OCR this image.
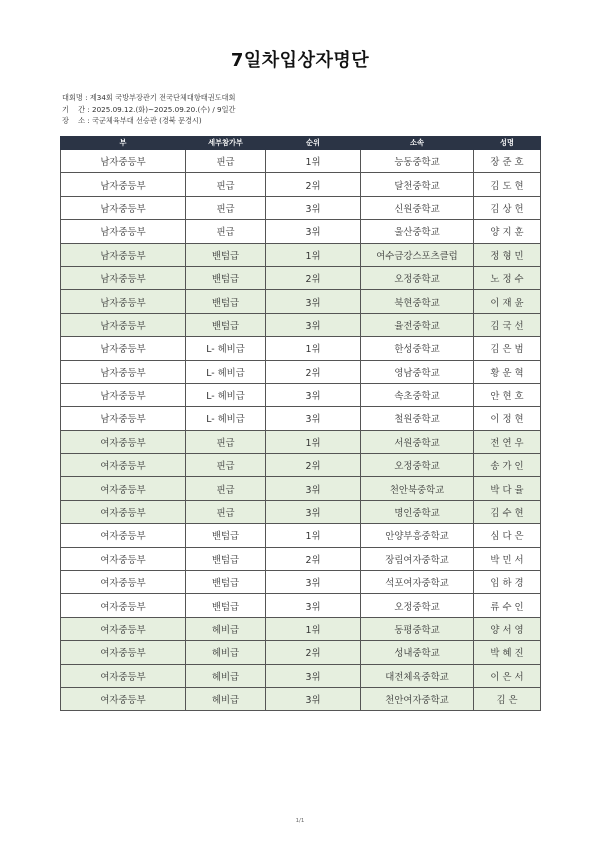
7일차입상자명단
대회명 : 제34회 국방부장관기 전국단체대항태권도대회
기    간 : 2025.09.12.(화)~2025.09.20.(수) / 9일간
장    소 : 국군체육부대 선승관 (경북 문경시)
부	세부참가부	순위	소속	성명
남자중등부	핀급	1위	능동중학교	장준호
남자중등부	핀급	2위	달천중학교	김도현
남자중등부	핀급	3위	신원중학교	김상헌
남자중등부	핀급	3위	울산중학교	양지훈
남자중등부	밴텀급	1위	여수금강스포츠클럽	정형민
남자중등부	밴텀급	2위	오정중학교	노정수
남자중등부	밴텀급	3위	북현중학교	이재윤
남자중등부	밴텀급	3위	율전중학교	김국선
남자중등부	L- 헤비급	1위	한성중학교	김은범
남자중등부	L- 헤비급	2위	영남중학교	황운혁
남자중등부	L- 헤비급	3위	속초중학교	안현호
남자중등부	L- 헤비급	3위	철원중학교	이정현
여자중등부	핀급	1위	서원중학교	전연우
여자중등부	핀급	2위	오정중학교	송가인
여자중등부	핀급	3위	천안북중학교	박다율
여자중등부	핀급	3위	명인중학교	김수현
여자중등부	밴텀급	1위	안양부흥중학교	심다은
여자중등부	밴텀급	2위	장림여자중학교	박민서
여자중등부	밴텀급	3위	석포여자중학교	임하경
여자중등부	밴텀급	3위	오정중학교	류수인
여자중등부	헤비급	1위	동평중학교	양서영
여자중등부	헤비급	2위	성내중학교	박혜진
여자중등부	헤비급	3위	대전체육중학교	이은서
여자중등부	헤비급	3위	천안여자중학교	김은
1/1
